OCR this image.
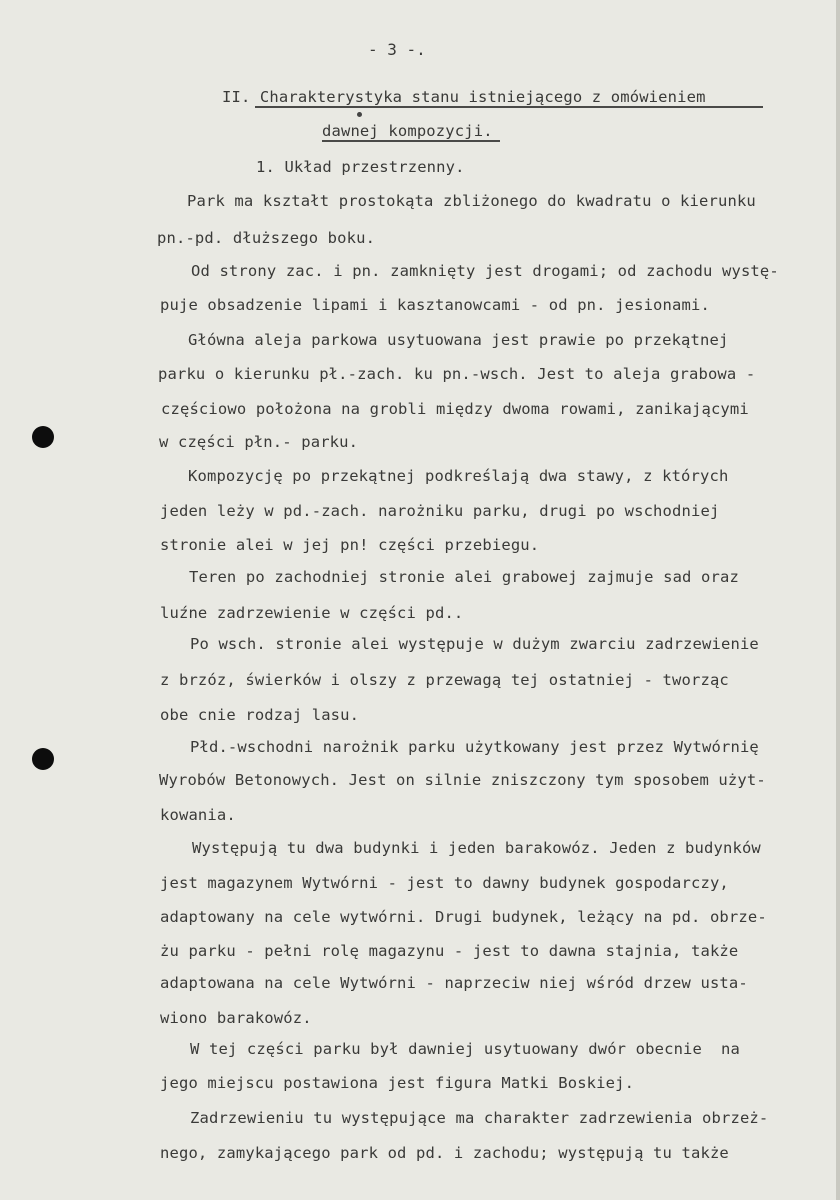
- 3 -.
II. Charakterystyka stanu istniejącego z omówieniem
dawnej kompozycji.
1. Układ przestrzenny.
Park ma kształt prostokąta zbliżonego do kwadratu o kierunku
pn.-pd. dłuższego boku.
Od strony zac. i pn. zamknięty jest drogami; od zachodu wystę-
puje obsadzenie lipami i kasztanowcami - od pn. jesionami.
Główna aleja parkowa usytuowana jest prawie po przekątnej
parku o kierunku pł.-zach. ku pn.-wsch. Jest to aleja grabowa -
częściowo położona na grobli między dwoma rowami, zanikającymi
w części płn.- parku.
Kompozycję po przekątnej podkreślają dwa stawy, z których
jeden leży w pd.-zach. narożniku parku, drugi po wschodniej
stronie alei w jej pn! części przebiegu.
Teren po zachodniej stronie alei grabowej zajmuje sad oraz
luźne zadrzewienie w części pd..
Po wsch. stronie alei występuje w dużym zwarciu zadrzewienie
z brzóz, świerków i olszy z przewagą tej ostatniej - tworząc
obe cnie rodzaj lasu.
Płd.-wschodni narożnik parku użytkowany jest przez Wytwórnię
Wyrobów Betonowych. Jest on silnie zniszczony tym sposobem użyt-
kowania.
Występują tu dwa budynki i jeden barakowóz. Jeden z budynków
jest magazynem Wytwórni - jest to dawny budynek gospodarczy,
adaptowany na cele wytwórni. Drugi budynek, leżący na pd. obrze-
żu parku - pełni rolę magazynu - jest to dawna stajnia, także
adaptowana na cele Wytwórni - naprzeciw niej wśród drzew usta-
wiono barakowóz.
W tej części parku był dawniej usytuowany dwór obecnie  na
jego miejscu postawiona jest figura Matki Boskiej.
Zadrzewieniu tu występujące ma charakter zadrzewienia obrzeż-
nego, zamykającego park od pd. i zachodu; występują tu także
